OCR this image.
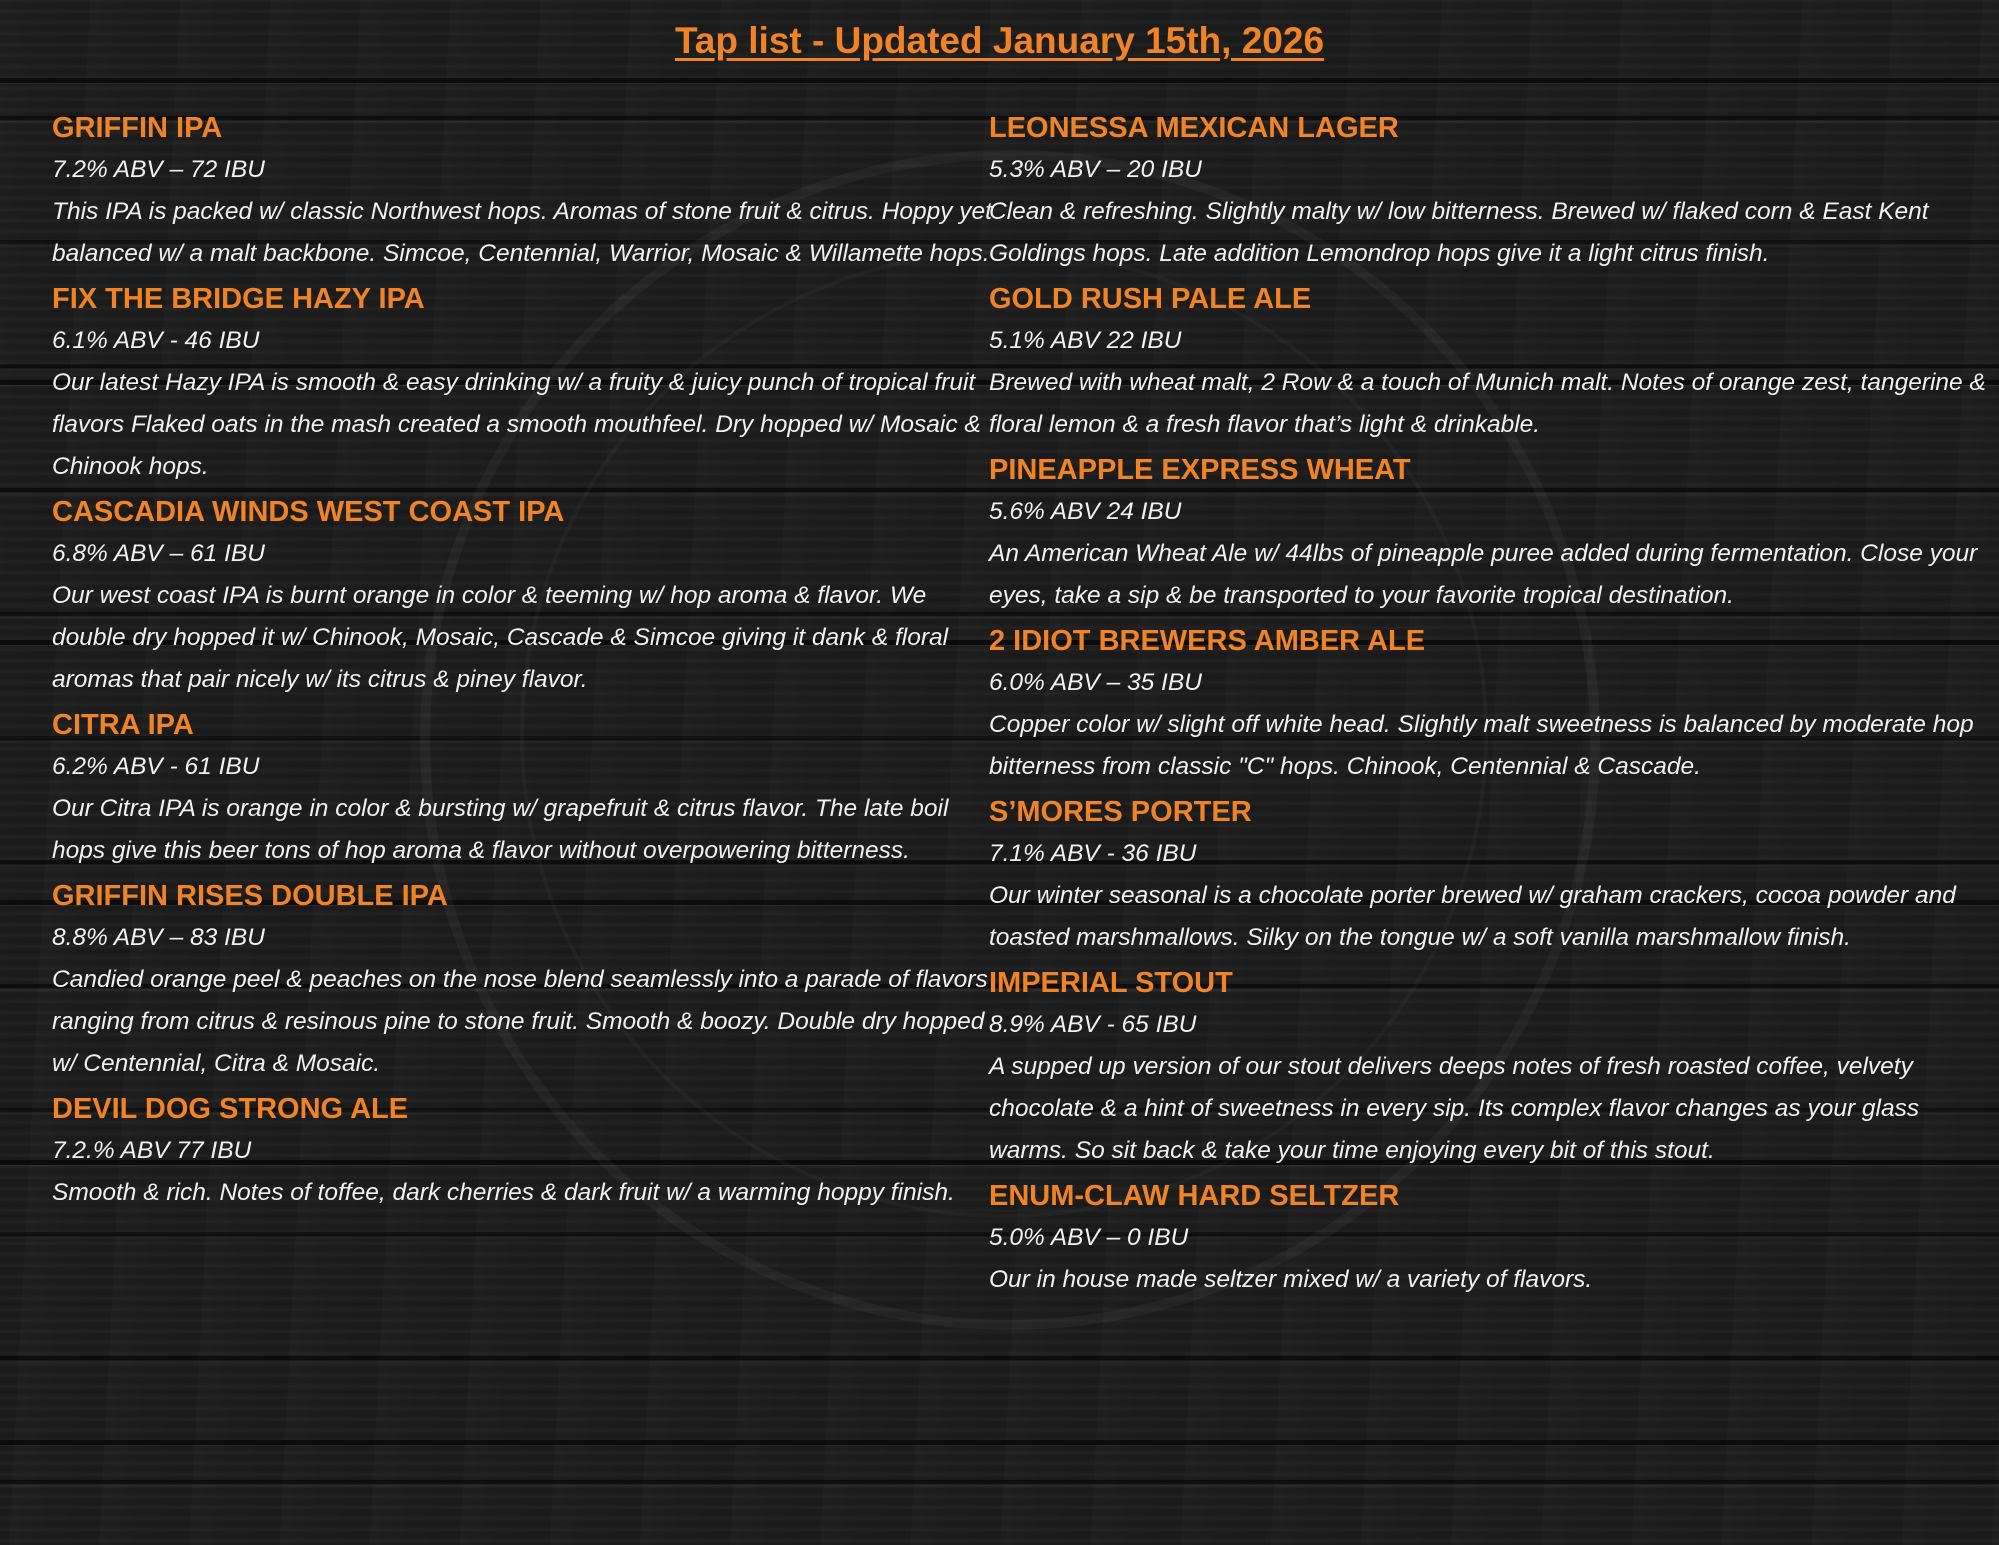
Tap list - Updated January 15th, 2026
GRIFFIN IPA
7.2% ABV – 72 IBU
This IPA is packed w/ classic Northwest hops. Aromas of stone fruit & citrus. Hoppy yet balanced w/ a malt backbone. Simcoe, Centennial, Warrior, Mosaic & Willamette hops.
FIX THE BRIDGE HAZY IPA
6.1% ABV - 46 IBU
Our latest Hazy IPA is smooth & easy drinking w/ a fruity & juicy punch of tropical fruit flavors Flaked oats in the mash created a smooth mouthfeel. Dry hopped w/ Mosaic & Chinook hops.
CASCADIA WINDS WEST COAST IPA
6.8% ABV – 61 IBU
Our west coast IPA is burnt orange in color & teeming w/ hop aroma & flavor. We double dry hopped it w/ Chinook, Mosaic, Cascade & Simcoe giving it dank & floral aromas that pair nicely w/ its citrus & piney flavor.
CITRA IPA
6.2% ABV - 61 IBU
Our Citra IPA is orange in color & bursting w/ grapefruit & citrus flavor. The late boil hops give this beer tons of hop aroma & flavor without overpowering bitterness.
GRIFFIN RISES DOUBLE IPA
8.8% ABV – 83 IBU
Candied orange peel & peaches on the nose blend seamlessly into a parade of flavors ranging from citrus & resinous pine to stone fruit. Smooth & boozy. Double dry hopped w/ Centennial, Citra & Mosaic.
DEVIL DOG STRONG ALE
7.2.% ABV 77 IBU
Smooth & rich. Notes of toffee, dark cherries & dark fruit w/ a warming hoppy finish.
LEONESSA MEXICAN LAGER
5.3% ABV – 20 IBU
Clean & refreshing. Slightly malty w/ low bitterness. Brewed w/ flaked corn & East Kent Goldings hops. Late addition Lemondrop hops give it a light citrus finish.
GOLD RUSH PALE ALE
5.1% ABV 22 IBU
Brewed with wheat malt, 2 Row & a touch of Munich malt. Notes of orange zest, tangerine & floral lemon & a fresh flavor that’s light & drinkable.
PINEAPPLE EXPRESS WHEAT
5.6% ABV 24 IBU
An American Wheat Ale w/ 44lbs of pineapple puree added during fermentation. Close your eyes, take a sip & be transported to your favorite tropical destination.
2 IDIOT BREWERS AMBER ALE
6.0% ABV – 35 IBU
Copper color w/ slight off white head. Slightly malt sweetness is balanced by moderate hop bitterness from classic "C" hops. Chinook, Centennial & Cascade.
S’MORES PORTER
7.1% ABV - 36 IBU
Our winter seasonal is a chocolate porter brewed w/ graham crackers, cocoa powder and toasted marshmallows. Silky on the tongue w/ a soft vanilla marshmallow finish.
IMPERIAL STOUT
8.9% ABV - 65 IBU
A supped up version of our stout delivers deeps notes of fresh roasted coffee, velvety chocolate & a hint of sweetness in every sip. Its complex flavor changes as your glass warms. So sit back & take your time enjoying every bit of this stout.
ENUM-CLAW HARD SELTZER
5.0% ABV – 0 IBU
Our in house made seltzer mixed w/ a variety of flavors.
